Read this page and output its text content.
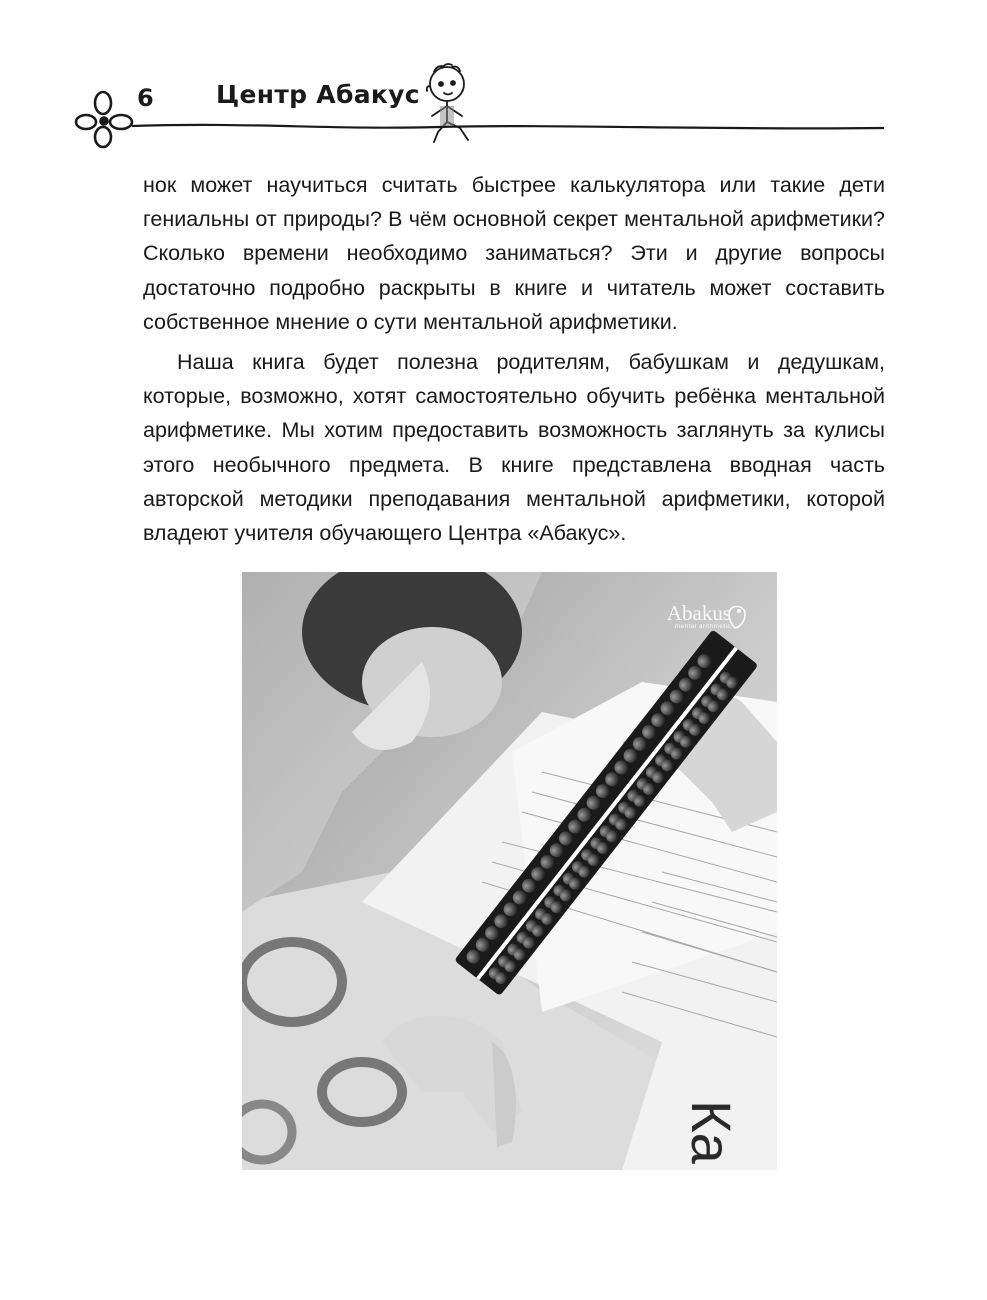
6 Центр Абакус

нок может научиться считать быстрее калькулятора или такие дети гениальны от природы? В чём основной секрет ментальной арифметики? Сколько времени необходимо заниматься? Эти и другие вопросы достаточно подробно раскрыты в книге и читатель может составить собственное мнение о сути ментальной арифметики.

Наша книга будет полезна родителям, бабушкам и дедушкам, которые, возможно, хотят самостоятельно обучить ребёнка ментальной арифметике. Мы хотим предоставить возможность заглянуть за кулисы этого необычного предмета. В книге представлена вводная часть авторской методики преподавания ментальной арифметики, которой владеют учителя обучающего Центра «Абакус».

Ка
Abakus
mental arithmetic
